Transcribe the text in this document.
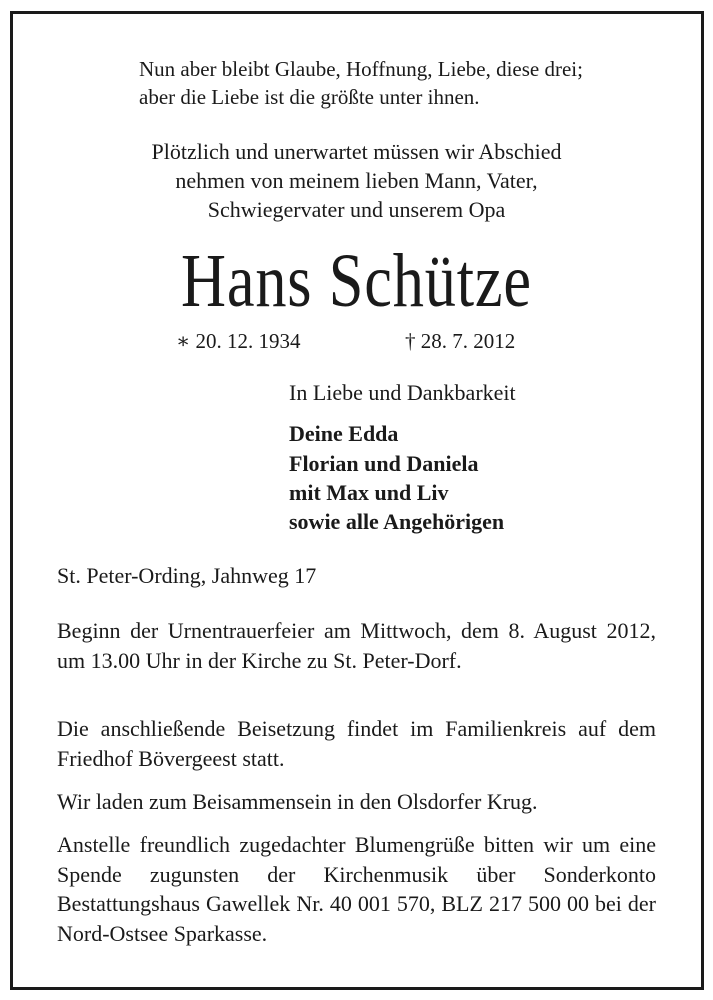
Nun aber bleibt Glaube, Hoffnung, Liebe, diese drei;
aber die Liebe ist die größte unter ihnen.
Plötzlich und unerwartet müssen wir Abschied
nehmen von meinem lieben Mann, Vater,
Schwiegervater und unserem Opa
Hans Schütze
∗ 20. 12. 1934	† 28. 7. 2012
In Liebe und Dankbarkeit
Deine Edda
Florian und Daniela
mit Max und Liv
sowie alle Angehörigen
St. Peter-Ording, Jahnweg 17
Beginn der Urnentrauerfeier am Mittwoch, dem 8. August 2012, um 13.00 Uhr in der Kirche zu St. Peter-Dorf.
Die anschließende Beisetzung findet im Familienkreis auf dem Friedhof Bövergeest statt.
Wir laden zum Beisammensein in den Olsdorfer Krug.
Anstelle freundlich zugedachter Blumengrüße bitten wir um eine Spende zugunsten der Kirchenmusik über Sonderkonto Bestattungshaus Gawellek Nr. 40 001 570, BLZ 217 500 00 bei der Nord-Ostsee Sparkasse.
